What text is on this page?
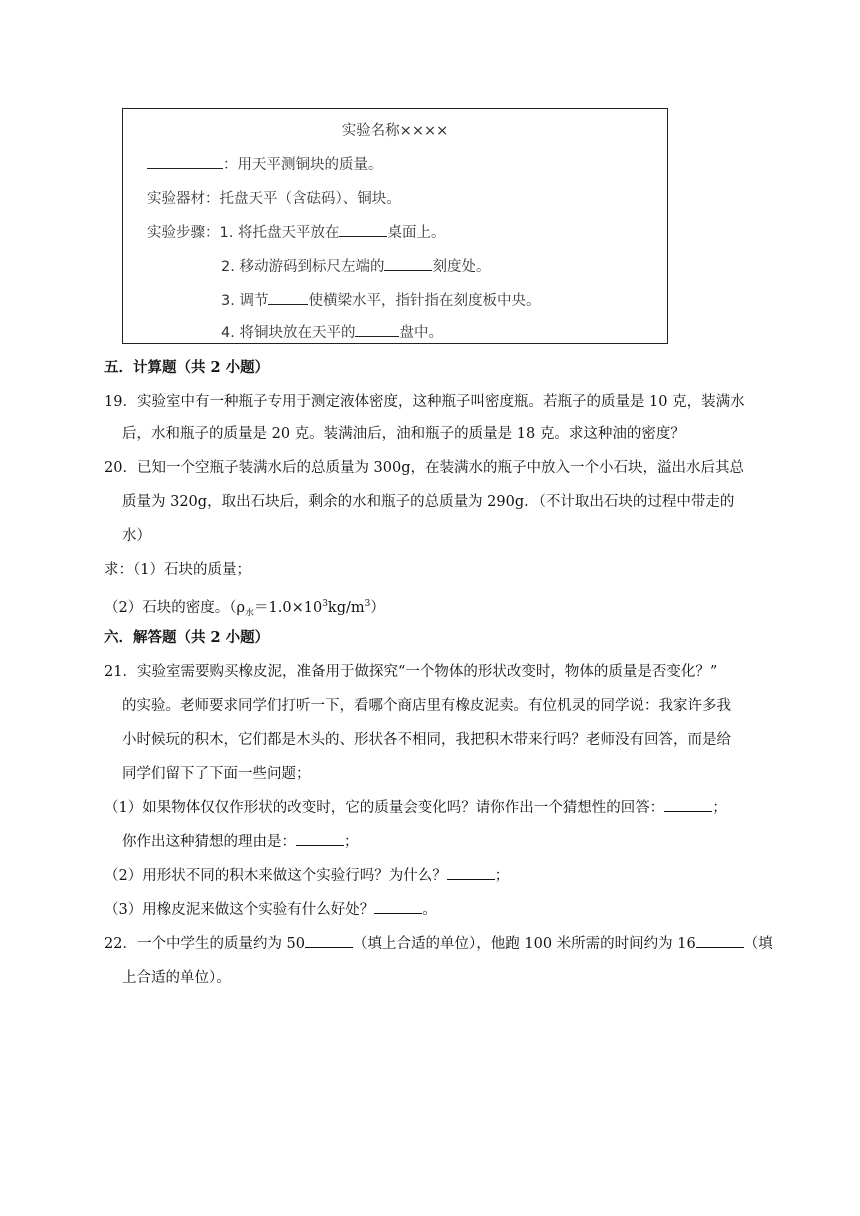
实验名称××××
：用天平测铜块的质量。
实验器材：托盘天平（含砝码）、铜块。
实验步骤：1. 将托盘天平放在	桌面上。
2. 移动游码到标尺左端的	刻度处。
3. 调节	使横梁水平，指针指在刻度板中央。
4. 将铜块放在天平的	盘中。
五．计算题（共 2 小题）
19．实验室中有一种瓶子专用于测定液体密度，这种瓶子叫密度瓶。若瓶子的质量是 10 克，装满水
后，水和瓶子的质量是 20 克。装满油后，油和瓶子的质量是 18 克。求这种油的密度？
20．已知一个空瓶子装满水后的总质量为 300g，在装满水的瓶子中放入一个小石块，溢出水后其总
质量为 320g，取出石块后，剩余的水和瓶子的总质量为 290g．（不计取出石块的过程中带走的
水）
求：（1）石块的质量；
（2）石块的密度。$(\rho_水=1.0\times 10^3kg/m^3)$
六．解答题（共 2 小题）
21．实验室需要购买橡皮泥，准备用于做探究“一个物体的形状改变时，物体的质量是否变化？”
的实验。老师要求同学们打听一下，看哪个商店里有橡皮泥卖。有位机灵的同学说：我家许多我
小时候玩的积木，它们都是木头的、形状各不相同，我把积木带来行吗？老师没有回答，而是给
同学们留下了下面一些问题；
（1）如果物体仅仅作形状的改变时，它的质量会变化吗？请你作出一个猜想性的回答：	；
你作出这种猜想的理由是：	；
（2）用形状不同的积木来做这个实验行吗？为什么？	；
（3）用橡皮泥来做这个实验有什么好处？	。
22．一个中学生的质量约为 50	（填上合适的单位），他跑 100 米所需的时间约为 16	（填
上合适的单位）。
